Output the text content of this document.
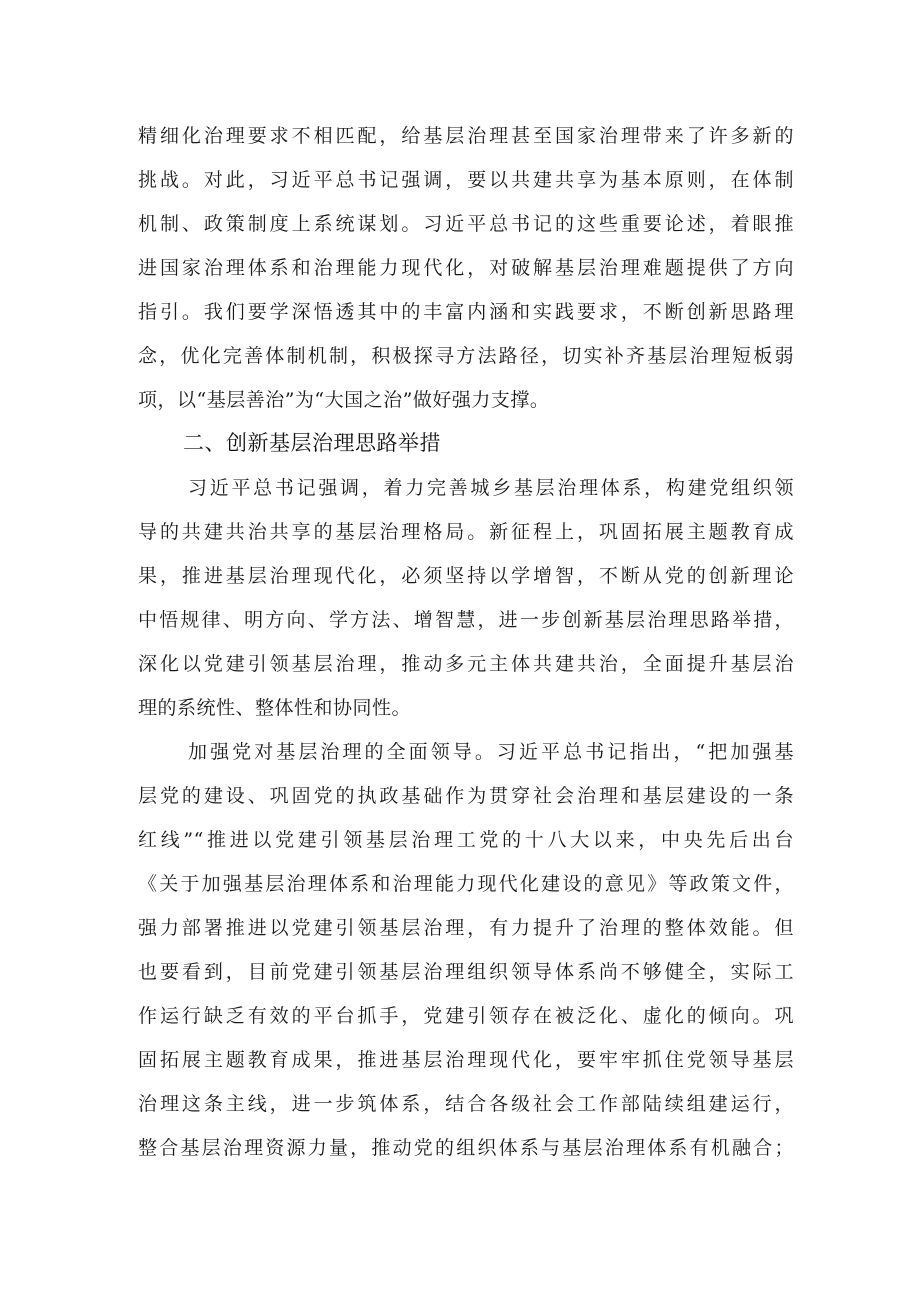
精细化治理要求不相匹配，给基层治理甚至国家治理带来了许多新的
挑战。对此，习近平总书记强调，要以共建共享为基本原则，在体制
机制、政策制度上系统谋划。习近平总书记的这些重要论述，着眼推
进国家治理体系和治理能力现代化，对破解基层治理难题提供了方向
指引。我们要学深悟透其中的丰富内涵和实践要求，不断创新思路理
念，优化完善体制机制，积极探寻方法路径，切实补齐基层治理短板弱
项，以“基层善治”为“大国之治”做好强力支撑。
二、创新基层治理思路举措
习近平总书记强调，着力完善城乡基层治理体系，构建党组织领
导的共建共治共享的基层治理格局。新征程上，巩固拓展主题教育成
果，推进基层治理现代化，必须坚持以学增智，不断从党的创新理论
中悟规律、明方向、学方法、增智慧，进一步创新基层治理思路举措，
深化以党建引领基层治理，推动多元主体共建共治，全面提升基层治
理的系统性、整体性和协同性。
加强党对基层治理的全面领导。习近平总书记指出，“把加强基
层党的建设、巩固党的执政基础作为贯穿社会治理和基层建设的一条
红线”“推进以党建引领基层治理工党的十八大以来，中央先后出台
《关于加强基层治理体系和治理能力现代化建设的意见》等政策文件，
强力部署推进以党建引领基层治理，有力提升了治理的整体效能。但
也要看到，目前党建引领基层治理组织领导体系尚不够健全，实际工
作运行缺乏有效的平台抓手，党建引领存在被泛化、虚化的倾向。巩
固拓展主题教育成果，推进基层治理现代化，要牢牢抓住党领导基层
治理这条主线，进一步筑体系，结合各级社会工作部陆续组建运行，
整合基层治理资源力量，推动党的组织体系与基层治理体系有机融合；
